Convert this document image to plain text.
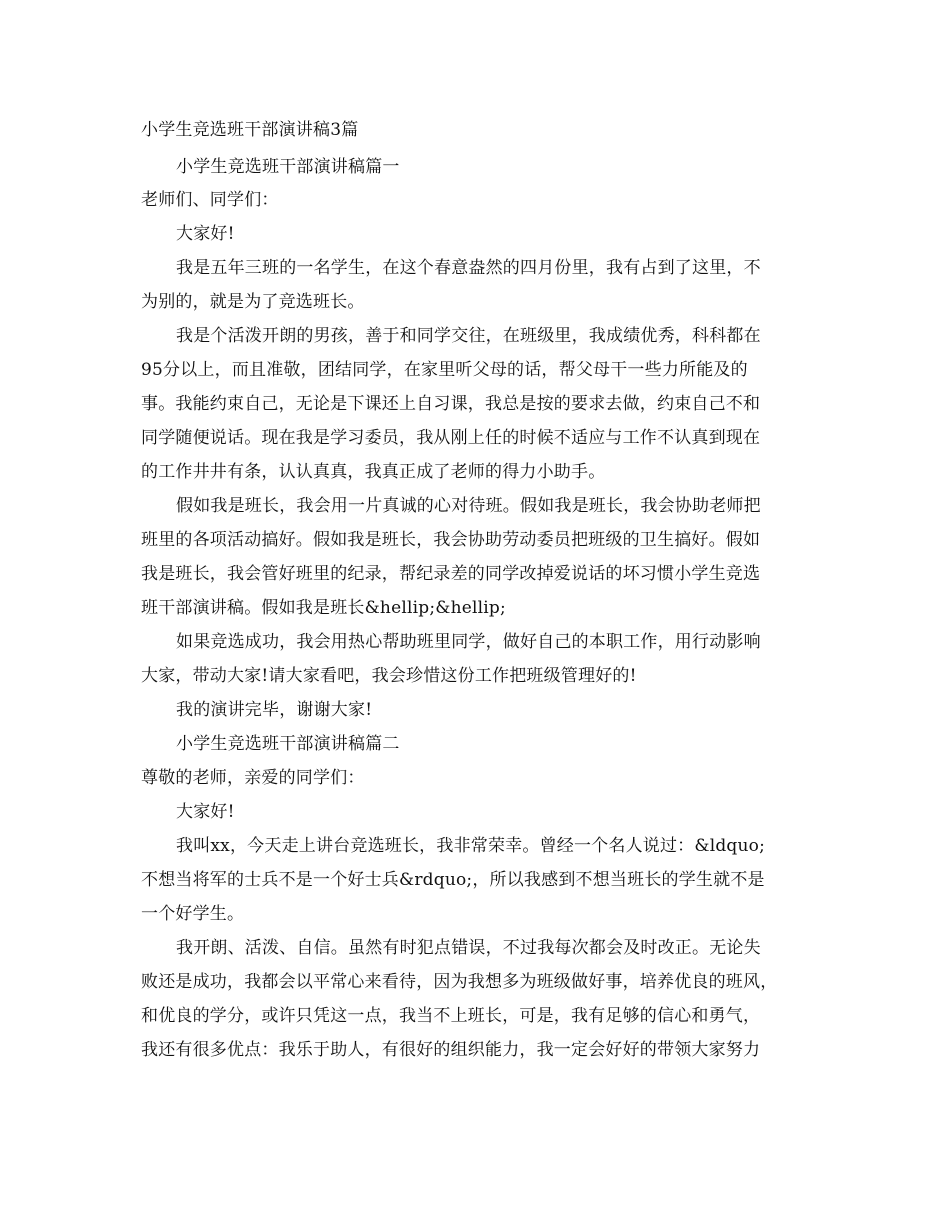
小学生竞选班干部演讲稿3篇
小学生竞选班干部演讲稿篇一
老师们、同学们：
大家好!
我是五年三班的一名学生，在这个春意盎然的四月份里，我有占到了这里，不
为别的，就是为了竞选班长。
我是个活泼开朗的男孩，善于和同学交往，在班级里，我成绩优秀，科科都在
95分以上，而且准敬，团结同学，在家里听父母的话，帮父母干一些力所能及的
事。我能约束自己，无论是下课还上自习课，我总是按的要求去做，约束自己不和
同学随便说话。现在我是学习委员，我从刚上任的时候不适应与工作不认真到现在
的工作井井有条，认认真真，我真正成了老师的得力小助手。
假如我是班长，我会用一片真诚的心对待班。假如我是班长，我会协助老师把
班里的各项活动搞好。假如我是班长，我会协助劳动委员把班级的卫生搞好。假如
我是班长，我会管好班里的纪录，帮纪录差的同学改掉爱说话的坏习惯小学生竞选
班干部演讲稿。假如我是班长&hellip;&hellip;
如果竞选成功，我会用热心帮助班里同学，做好自己的本职工作，用行动影响
大家，带动大家!请大家看吧，我会珍惜这份工作把班级管理好的!
我的演讲完毕，谢谢大家!
小学生竞选班干部演讲稿篇二
尊敬的老师，亲爱的同学们：
大家好!
我叫xx，今天走上讲台竞选班长，我非常荣幸。曾经一个名人说过：&ldquo;
不想当将军的士兵不是一个好士兵&rdquo;，所以我感到不想当班长的学生就不是
一个好学生。
我开朗、活泼、自信。虽然有时犯点错误，不过我每次都会及时改正。无论失
败还是成功，我都会以平常心来看待，因为我想多为班级做好事，培养优良的班风，
和优良的学分，或许只凭这一点，我当不上班长，可是，我有足够的信心和勇气，
我还有很多优点：我乐于助人，有很好的组织能力，我一定会好好的带领大家努力
